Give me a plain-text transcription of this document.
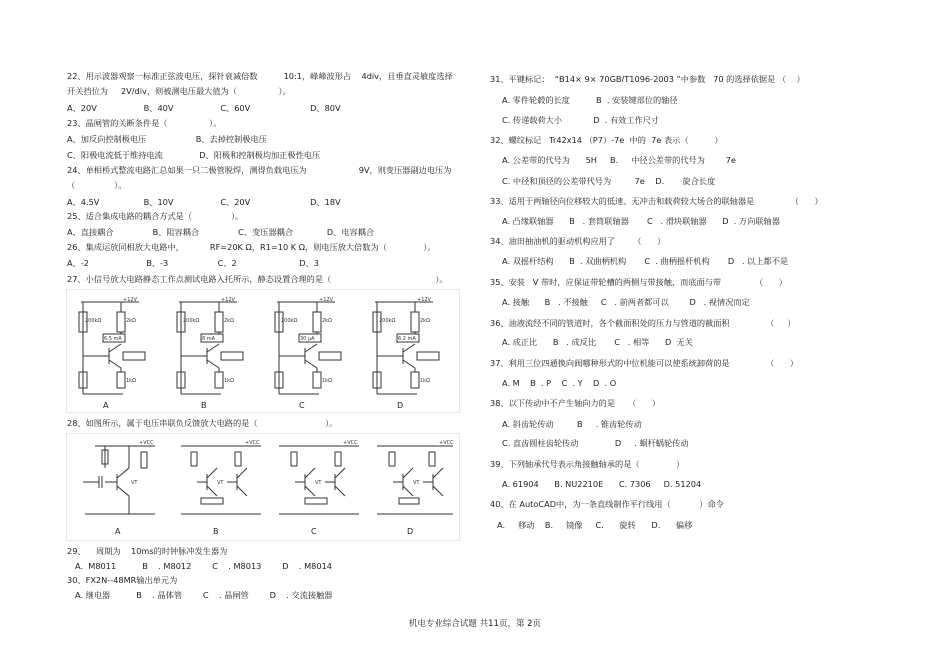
22、用示波器观察一标准正弦波电压，探针衰减倍数          10:1，峰峰波形占    4div，且垂直灵敏度选择
开关挡位为     2V/div，则被测电压最大值为（                ）。
A、20V                  B、40V                  C、60V                       D、80V
23、晶闸管的关断条件是（                ）。
A、加反向控制极电压                   B、去掉控制极电压
C、阳极电流低于维持电流              D、阳极和控制极均加正极性电压
24、单相桥式整流电路汇总如果一只二极管脱焊，测得负载电压为                    9V，则变压器副边电压为
（               ）。
A、4.5V                 B、10V                  C、20V                       D、18V
25、适合集成电路的耦合方式是（               ）。
A、直接耦合               B、阻容耦合               C、变压器耦合             D、电容耦合
26、集成运放同相放大电路中，          RF=20K Ω，R1=10 K Ω，则电压放大倍数为（              ）。
A、-2                      B、-3                   C、2                        D、3
27、小信号放大电路静态工作点测试电路入托所示，静态设置合理的是（                                        ）。
+12V	+12V	+12V	+12V
200kΩ	200kΩ	200kΩ	200kΩ
2kΩ	2kΩ	2kΩ	2kΩ
1kΩ	1kΩ	1kΩ	1kΩ
6.5 mA	8 mA	30 μA	6.2 mA
A	B	C	D
28、如图所示，属于电压串联负反馈放大电路的是（                          ）。
+VCC	+VCC	+VCC	+VCC
VT	VT	VT	VT
A	B	C	D
29、    周期为    10ms的时钟脉冲发生器为
A.  M8011          B    . M8012        C    . M8013        D    . M8014
30、FX2N--48MR输出单元为
A. 继电器          B    . 晶体管        C    . 晶闸管        D    . 交流接触器
31、平键标记：  “B14× 9× 70GB/T1096-2003 ”中参数   70 的选择依据是 （    ）
A. 零件轮毂的长度          B  . 安装键部位的轴径
C. 传递载荷大小            D  . 有效工作尺寸
32、螺纹标记   Tr42x14 （P7）-7e  中的  7e 表示（          ）
A. 公差带的代号为      5H     B.     中径公差带的代号为        7e
C. 中径和顶径的公差带代号为         7e    D.       旋合长度
33、适用于两轴径向位移较大的低速、无冲击和载荷较大场合的联轴器是              （      ）
A. 凸缘联轴器      B   . 套筒联轴器       C   . 滑块联轴器      D  . 万向联轴器
34、油田抽油机的驱动机构应用了       （      ）
A. 双摇杆结构      B  . 双曲柄机构       C  . 曲柄摇杆机构       D   . 以上都不是
35、安装   V 带时，应保证带轮槽的两侧与带接触，而底面与带             （      ）
A. 接触      B   . 不接触     C   . 前两者都可以        D   . 视情况而定
36、油液流经不同的管道时，各个截面积处的压力与管道的截面积              （     ）
A. 成正比      B   . 成反比       C   . 相等      D  无关
37、利用三位四通换向阀哪种形式的中位机能可以使系统卸荷的是              （      ）
A. M    B  . P    C  . Y    D  . O
38、以下传动中不产生轴向力的是     （      ）
A. 斜齿轮传动         B     . 锥齿轮传动
C. 直齿圆柱齿轮传动              D     . 蜗杆蜗轮传动
39、下列轴承代号表示角接触轴承的是（              ）
A. 61904      B. NU2210E      C. 7306     D. 51204
40、在 AutoCAD中，为一条直线制作平行线用（           ）命令
A.     移动    B.     镜像     C.      旋转      D.      偏移
机电专业综合试题 共11页，第 2页
